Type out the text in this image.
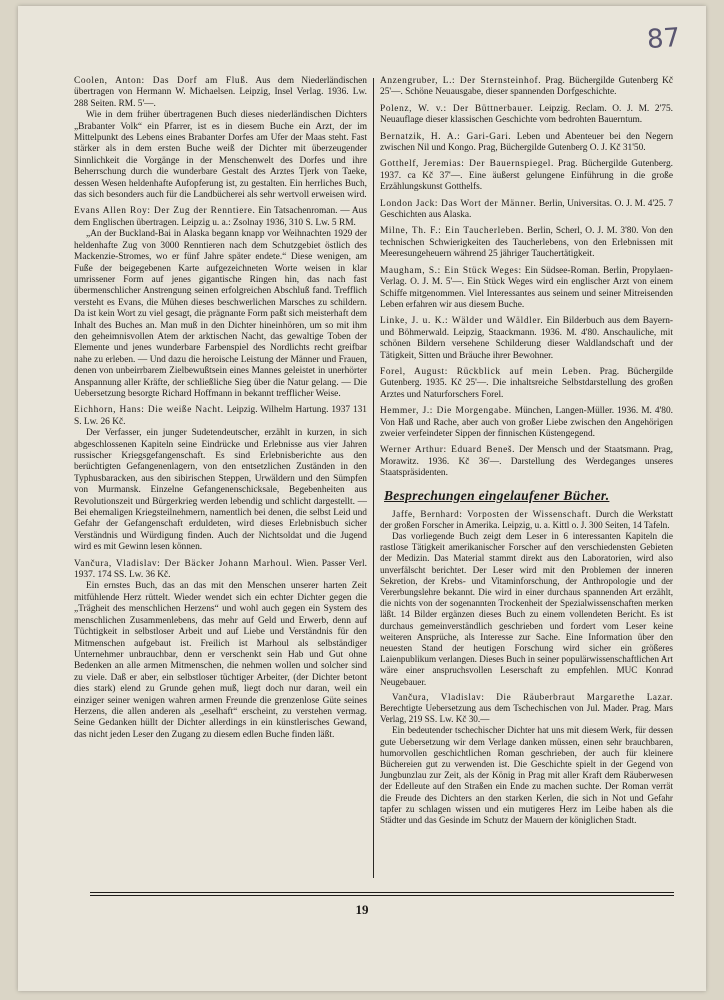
87

Coolen, Anton: Das Dorf am Fluß. Aus dem Niederländischen übertragen von Hermann W. Michaelsen. Leipzig, Insel Verlag. 1936. Lw. 288 Seiten. RM. 5'—.

Wie in dem früher übertragenen Buch dieses niederländischen Dichters „Brabanter Volk“ ein Pfarrer, ist es in diesem Buche ein Arzt, der im Mittelpunkt des Lebens eines Brabanter Dorfes am Ufer der Maas steht. Fast stärker als in dem ersten Buche weiß der Dichter mit überzeugender Sinnlichkeit die Vorgänge in der Menschenwelt des Dorfes und ihre Beherrschung durch die wunderbare Gestalt des Arztes Tjerk von Taeke, dessen Wesen heldenhafte Aufopferung ist, zu gestalten. Ein herrliches Buch, das sich besonders auch für die Landbücherei als sehr wertvoll erweisen wird.

Evans Allen Roy: Der Zug der Renntiere. Ein Tatsachenroman. — Aus dem Englischen übertragen. Leipzig u. a.: Zsolnay 1936, 310 S. Lw. 5 RM.

„An der Buckland-Bai in Alaska begann knapp vor Weihnachten 1929 der heldenhafte Zug von 3000 Renntieren nach dem Schutzgebiet östlich des Mackenzie-Stromes, wo er fünf Jahre später endete.“ Diese wenigen, am Fuße der beigegebenen Karte aufgezeichneten Worte weisen in klar umrissener Form auf jenes gigantische Ringen hin, das nach fast übermenschlicher Anstrengung seinen erfolgreichen Abschluß fand. Trefflich versteht es Evans, die Mühen dieses beschwerlichen Marsches zu schildern. Da ist kein Wort zu viel gesagt, die prägnante Form paßt sich meisterhaft dem Inhalt des Buches an. Man muß in den Dichter hineinhören, um so mit ihm den geheimnisvollen Atem der arktischen Nacht, das gewaltige Toben der Elemente und jenes wunderbare Farbenspiel des Nordlichts recht greifbar nahe zu erleben. — Und dazu die heroische Leistung der Männer und Frauen, denen von unbeirrbarem Zielbewußtsein eines Mannes geleistet in unerhörter Anspannung aller Kräfte, der schließliche Sieg über die Natur gelang. — Die Uebersetzung besorgte Richard Hoffmann in bekannt trefflicher Weise.

Eichhorn, Hans: Die weiße Nacht. Leipzig. Wilhelm Hartung. 1937 131 S. Lw. 26 Kč.

Der Verfasser, ein junger Sudetendeutscher, erzählt in kurzen, in sich abgeschlossenen Kapiteln seine Eindrücke und Erlebnisse aus vier Jahren russischer Kriegsgefangenschaft. Es sind Erlebnisberichte aus den berüchtigten Gefangenenlagern, von den entsetzlichen Zuständen in den Typhusbaracken, aus den sibirischen Steppen, Urwäldern und den Sümpfen von Murmansk. Einzelne Gefangenenschicksale, Begebenheiten aus Revolutionszeit und Bürgerkrieg werden lebendig und schlicht dargestellt. — Bei ehemaligen Kriegsteilnehmern, namentlich bei denen, die selbst Leid und Gefahr der Gefangenschaft erduldeten, wird dieses Erlebnisbuch sicher Verständnis und Würdigung finden. Auch der Nichtsoldat und die Jugend wird es mit Gewinn lesen können.

Vančura, Vladislav: Der Bäcker Johann Marhoul. Wien. Passer Verl. 1937. 174 SS. Lw. 36 Kč.

Ein ernstes Buch, das an das mit den Menschen unserer harten Zeit mitfühlende Herz rüttelt. Wieder wendet sich ein echter Dichter gegen die „Trägheit des menschlichen Herzens“ und wohl auch gegen ein System des menschlichen Zusammenlebens, das mehr auf Geld und Erwerb, denn auf Tüchtigkeit in selbstloser Arbeit und auf Liebe und Verständnis für den Mitmenschen aufgebaut ist. Freilich ist Marhoul als selbständiger Unternehmer unbrauchbar, denn er verschenkt sein Hab und Gut ohne Bedenken an alle armen Mitmenschen, die nehmen wollen und solcher sind zu viele. Daß er aber, ein selbstloser tüchtiger Arbeiter, (der Dichter betont dies stark) elend zu Grunde gehen muß, liegt doch nur daran, weil ein einziger seiner wenigen wahren armen Freunde die grenzenlose Güte seines Herzens, die allen anderen als „eselhaft“ erscheint, zu verstehen vermag. Seine Gedanken hüllt der Dichter allerdings in ein künstlerisches Gewand, das nicht jeden Leser den Zugang zu diesem edlen Buche finden läßt.

Anzengruber, L.: Der Sternsteinhof. Prag. Büchergilde Gutenberg Kč 25'—. Schöne Neuausgabe, dieser spannenden Dorfgeschichte.

Polenz, W. v.: Der Büttnerbauer. Leipzig. Reclam. O. J. M. 2'75. Neuauflage dieser klassischen Geschichte vom bedrohten Bauerntum.

Bernatzik, H. A.: Gari-Gari. Leben und Abenteuer bei den Negern zwischen Nil und Kongo. Prag, Büchergilde Gutenberg O. J. Kč 31'50.

Gotthelf, Jeremias: Der Bauernspiegel. Prag. Büchergilde Gutenberg. 1937. ca Kč 37'—. Eine äußerst gelungene Einführung in die große Erzählungskunst Gotthelfs.

London Jack: Das Wort der Männer. Berlin, Universitas. O. J. M. 4'25. 7 Geschichten aus Alaska.

Milne, Th. F.: Ein Taucherleben. Berlin, Scherl, O. J. M. 3'80. Von den technischen Schwierigkeiten des Taucherlebens, von den Erlebnissen mit Meeresungeheuern während 25 jähriger Tauchertätigkeit.

Maugham, S.: Ein Stück Weges: Ein Südsee-Roman. Berlin, Propylaen-Verlag. O. J. M. 5'—. Ein Stück Weges wird ein englischer Arzt von einem Schiffe mitgenommen. Viel Interessantes aus seinem und seiner Mitreisenden Leben erfahren wir aus diesem Buche.

Linke, J. u. K.: Wälder und Wäldler. Ein Bilderbuch aus dem Bayern- und Böhmerwald. Leipzig, Staackmann. 1936. M. 4'80. Anschauliche, mit schönen Bildern versehene Schilderung dieser Waldlandschaft und der Tätigkeit, Sitten und Bräuche ihrer Bewohner.

Forel, August: Rückblick auf mein Leben. Prag. Büchergilde Gutenberg. 1935. Kč 25'—. Die inhaltsreiche Selbstdarstellung des großen Arztes und Naturforschers Forel.

Hemmer, J.: Die Morgengabe. München, Langen-Müller. 1936. M. 4'80. Von Haß und Rache, aber auch von großer Liebe zwischen den Angehörigen zweier verfeindeter Sippen der finnischen Küstengegend.

Werner Arthur: Eduard Beneš. Der Mensch und der Staatsmann. Prag, Morawitz. 1936. Kč 36'—. Darstellung des Werdeganges unseres Staatspräsidenten.

Besprechungen eingelaufener Bücher.

Jaffe, Bernhard: Vorposten der Wissenschaft. Durch die Werkstatt der großen Forscher in Amerika. Leipzig, u. a. Kittl o. J. 300 Seiten, 14 Tafeln.

Das vorliegende Buch zeigt dem Leser in 6 interessanten Kapiteln die rastlose Tätigkeit amerikanischer Forscher auf den verschiedensten Gebieten der Medizin. Das Material stammt direkt aus den Laboratorien, wird also unverfälscht berichtet. Der Leser wird mit den Problemen der inneren Sekretion, der Krebs- und Vitaminforschung, der Anthropologie und der Vererbungslehre bekannt. Die wird in einer durchaus spannenden Art erzählt, die nichts von der sogenannten Trockenheit der Spezialwissenschaften merken läßt. 14 Bilder ergänzen dieses Buch zu einem vollendeten Bericht. Es ist durchaus gemeinverständlich geschrieben und fordert vom Leser keine weiteren Ansprüche, als Interesse zur Sache. Eine Information über den neuesten Stand der heutigen Forschung wird sicher ein größeres Laienpublikum verlangen. Dieses Buch in seiner populärwissenschaftlichen Art wäre einer anspruchsvollen Leserschaft zu empfehlen. MUC Konrad Neugebauer.

Vančura, Vladislav: Die Räuberbraut Margarethe Lazar. Berechtigte Uebersetzung aus dem Tschechischen von Jul. Mader. Prag. Mars Verlag, 219 SS. Lw. Kč 30.—

Ein bedeutender tschechischer Dichter hat uns mit diesem Werk, für dessen gute Uebersetzung wir dem Verlage danken müssen, einen sehr brauchbaren, humorvollen geschichtlichen Roman geschrieben, der auch für kleinere Büchereien gut zu verwenden ist. Die Geschichte spielt in der Gegend von Jungbunzlau zur Zeit, als der König in Prag mit aller Kraft dem Räuberwesen der Edelleute auf den Straßen ein Ende zu machen suchte. Der Roman verrät die Freude des Dichters an den starken Kerlen, die sich in Not und Gefahr tapfer zu schlagen wissen und ein mutigeres Herz im Leibe haben als die Städter und das Gesinde im Schutz der Mauern der königlichen Stadt.

19
